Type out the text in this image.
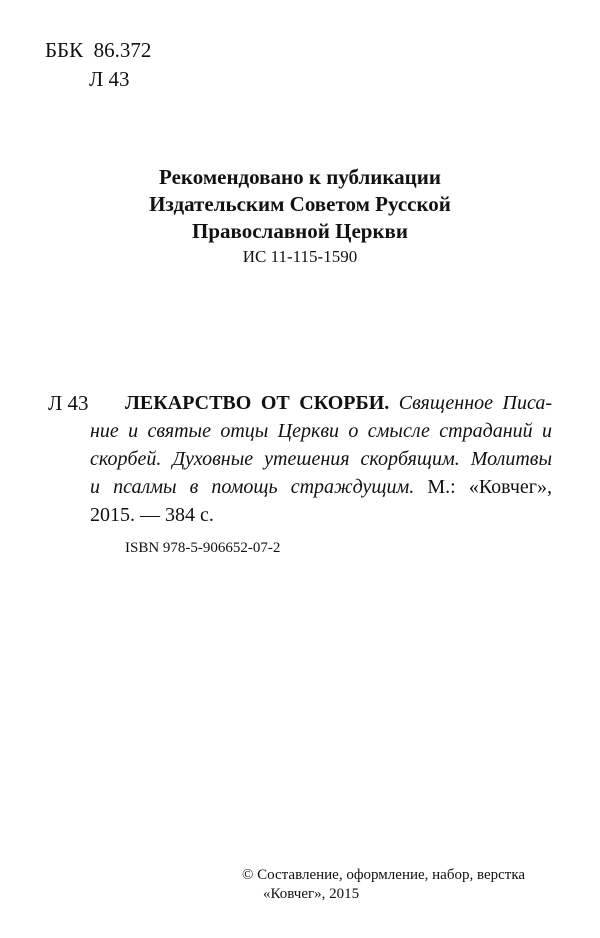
ББК 86.372
Л 43
Рекомендовано к публикации
Издательским Советом Русской
Православной Церкви
ИС 11-115-1590
Л 43 ЛЕКАРСТВО ОТ СКОРБИ. Священное Писа-
ние и святые отцы Церкви о смысле страданий и
скорбей. Духовные утешения скорбящим. Молитвы
и псалмы в помощь страждущим. М.: «Ковчег»,
2015. — 384 с.
ISBN 978-5-906652-07-2
© Составление, оформление, набор, верстка
«Ковчег», 2015
